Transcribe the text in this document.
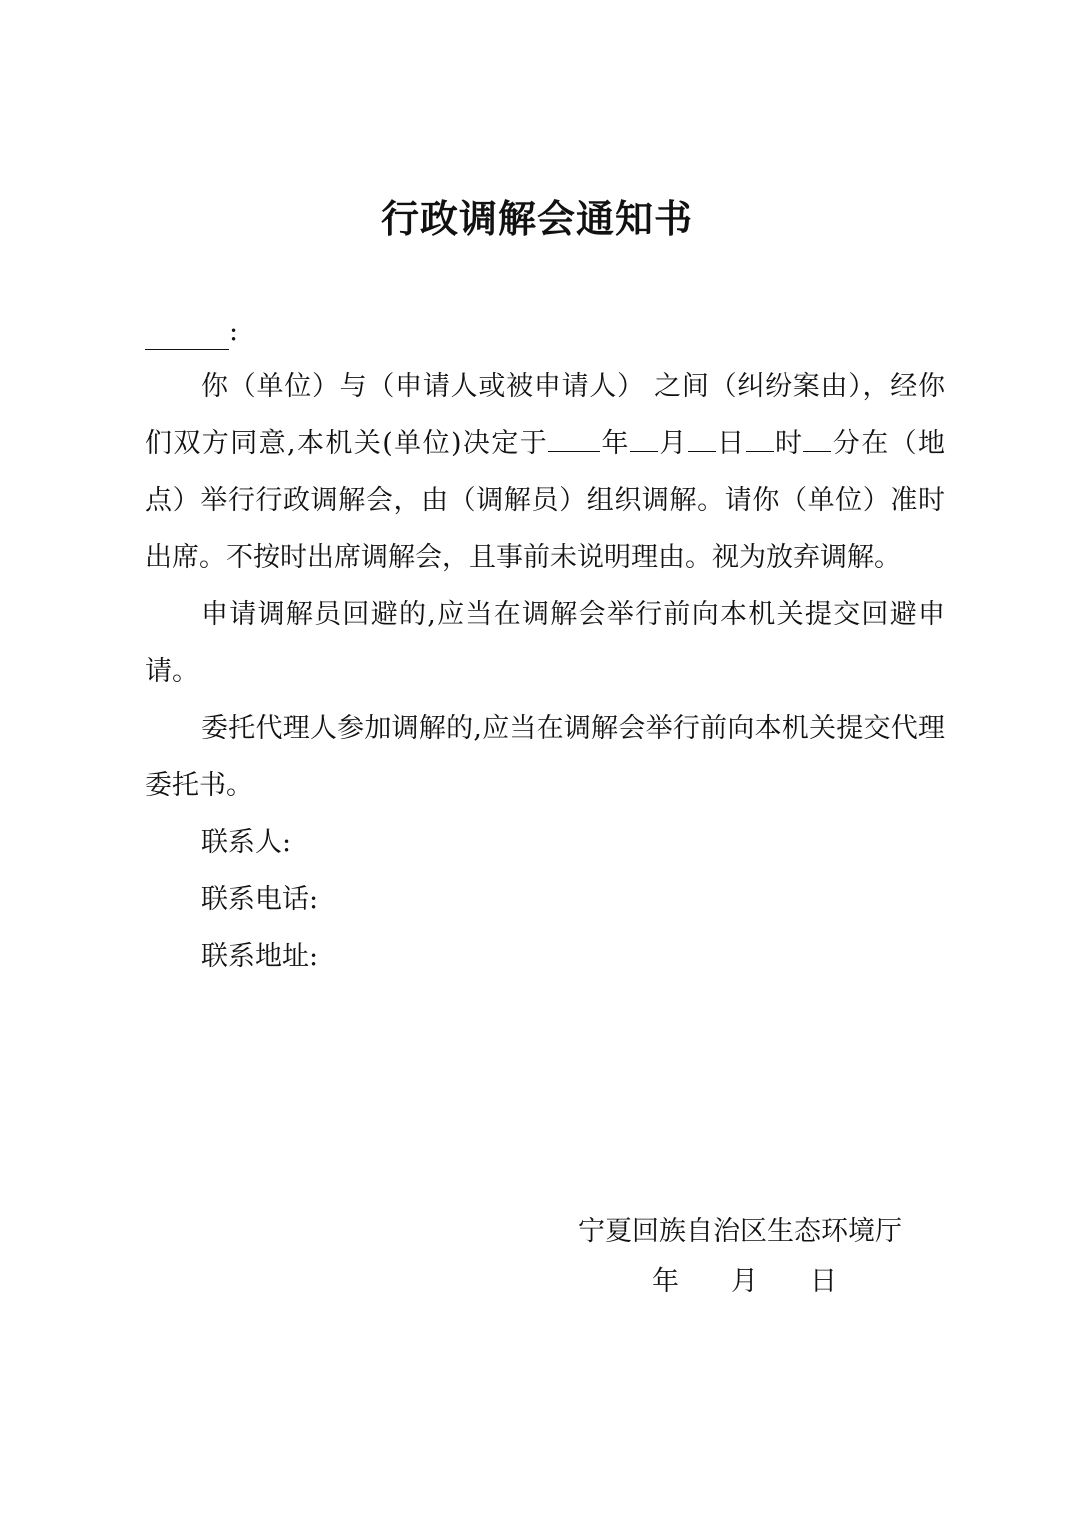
行政调解会通知书
:

你（单位）与（申请人或被申请人） 之间（纠纷案由），经你们双方同意,本机关(单位)决定于 年 月 日 时 分在（地点）举行行政调解会，由（调解员）组织调解。请你（单位）准时出席。不按时出席调解会，且事前未说明理由。视为放弃调解。

申请调解员回避的,应当在调解会举行前向本机关提交回避申请。

委托代理人参加调解的,应当在调解会举行前向本机关提交代理委托书。

联系人:
联系电话:
联系地址:
宁夏回族自治区生态环境厅
年 月 日
